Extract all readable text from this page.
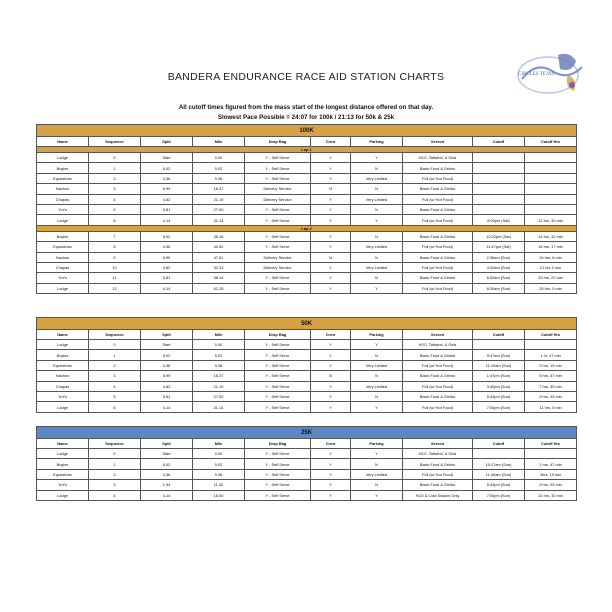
BANDERA ENDURANCE RACE AID STATION CHARTS	CIRCLES TEJAS
All cutoff times figured from the mass start of the longest distance offered on that day.
Slowest Pace Possible = 24:07 for 100k / 21:13 for 50k & 25k
100K									
Name	Sequence	Split	Mile	Drop Bag	Crew	Parking	Served	Cutoff	Cutoff Hrs
Lap 1									
Lodge	0	Start	0.00	Y - Self Serve	Y	Y	H2O, Tailwind, & Gels		
Boyles	1	5.02	5.02	Y - Self Serve	Y	N	Basic Food & Drinks		
Equestrian	2	4.36	9.38	Y - Self Serve	Y	Very Limited	Full (w/ Hot Food)		
Nachos	3	6.99	16.37	Delivery Service	N	N	Basic Food & Drinks		
Chapas	4	4.82	21.19	Delivery Service	Y	Very Limited	Full (w/ Hot Food)		
YoYo	5	5.81	27.00	Y - Self Serve	Y	N	Basic Food & Drinks		
Lodge	6	4.14	31.14	Y - Self Serve	Y	Y	Full (w/ Hot Food)	8:00pm (Sat)	12 hrs, 30 min
Lap 2									
Boyles	7	5.02	36.16	Y - Self Serve	Y	N	Basic Food & Drinks	10:02pm (Sat)	14 hrs, 32 min
Equestrian	8	4.36	40.52	Y - Self Serve	Y	Very Limited	Full (w/ Hot Food)	11:47pm (Sat)	16 hrs, 17 min
Nachos	9	6.99	47.51	Delivery Service	N	N	Basic Food & Drinks	2:36am (Sun)	19 hrs, 6 min
Chapas	10	4.82	52.33	Delivery Service	Y	Very Limited	Full (w/ Hot Food)	4:32am (Sun)	21 hrs 2 min
YoYo	11	5.81	58.14	Y - Self Serve	Y	N	Basic Food & Drinks	6:52am (Sun)	23 hrs, 22 min
Lodge	12	4.14	62.28	Y - Self Serve	Y	Y	Full (w/ Hot Food)	8:30am (Sun)	25 hrs, 0 min
50K									
Name	Sequence	Split	Mile	Drop Bag	Crew	Parking	Served	Cutoff	Cutoff Hrs
Lodge	0	Start	0.00	Y - Self Serve	Y	Y	H2O, Tailwind, & Gels		
Boyles	1	5.02	5.02	Y - Self Serve	Y	N	Basic Food & Drinks	9:47am (Sun)	1 hr, 47 min
Equestrian	2	4.36	9.38	Y - Self Serve	Y	Very Limited	Full (w/ Hot Food)	11:19am (Sun)	3 hrs, 19 min
Nachos	3	6.99	16.37	Y - Self Serve	N	N	Basic Food & Drinks	1:47pm (Sun)	5 hrs, 47 min
Chapas	4	4.82	21.19	Y - Self Serve	Y	Very Limited	Full (w/ Hot Food)	3:30pm (Sun)	7 hrs, 30 min
YoYo	5	5.81	27.00	Y - Self Serve	Y	N	Basic Food & Drinks	5:33pm (Sun)	9 hrs, 33 min
Lodge	6	4.14	31.14	Y - Self Serve	Y	Y	Full (w/ Hot Food)	7:00pm (Sun)	11 hrs, 0 min
25K									
Name	Sequence	Split	Mile	Drop Bag	Crew	Parking	Served	Cutoff	Cutoff Hrs
Lodge	0	Start	0.00	Y - Self Serve	Y	Y	H2O, Tailwind, & Gels		
Boyles	1	5.02	5.02	Y - Self Serve	Y	N	Basic Food & Drinks	10:17am (Sun)	1 hrs, 47 min
Equestrian	2	4.36	9.38	Y - Self Serve	Y	Very Limited	Full (w/ Hot Food)	11:49am (Sun)	3hrs, 19 min
YoYo	3	1.94	11.32	Y - Self Serve	Y	N	Basic Food & Drinks	5:33pm (Sun)	9 hrs, 03 min
Lodge	4	4.14	15.50	Y - Self Serve	Y	Y	H2O & Cold Snacks Only	7:00pm (Sun)	10 hrs, 30 min
